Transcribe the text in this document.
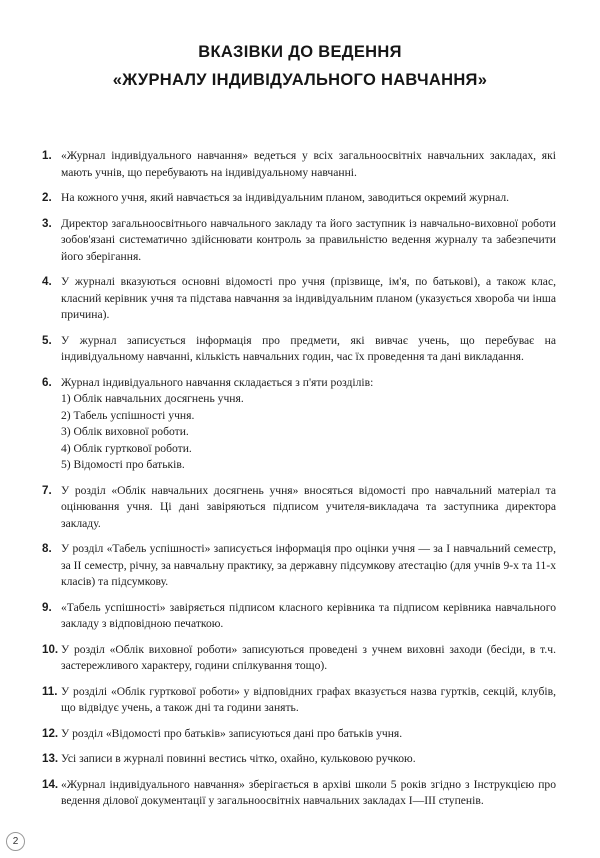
ВКАЗІВКИ ДО ВЕДЕННЯ
«ЖУРНАЛУ ІНДИВІДУАЛЬНОГО НАВЧАННЯ»
1. «Журнал індивідуального навчання» ведеться у всіх загальноосвітніх навчальних закладах, які мають учнів, що перебувають на індивідуальному навчанні.
2. На кожного учня, який навчається за індивідуальним планом, заводиться окремий журнал.
3. Директор загальноосвітнього навчального закладу та його заступник із навчально-виховної роботи зобов'язані систематично здійснювати контроль за правильністю ведення журналу та забезпечити його зберігання.
4. У журналі вказуються основні відомості про учня (прізвище, ім'я, по батькові), а також клас, класний керівник учня та підстава навчання за індивідуальним планом (указується хвороба чи інша причина).
5. У журнал записується інформація про предмети, які вивчає учень, що перебуває на індивідуальному навчанні, кількість навчальних годин, час їх проведення та дані викладання.
6. Журнал індивідуального навчання складається з п'яти розділів:
1) Облік навчальних досягнень учня.
2) Табель успішності учня.
3) Облік виховної роботи.
4) Облік гурткової роботи.
5) Відомості про батьків.
7. У розділ «Облік навчальних досягнень учня» вносяться відомості про навчальний матеріал та оцінювання учня. Ці дані завіряються підписом учителя-викладача та заступника директора закладу.
8. У розділ «Табель успішності» записується інформація про оцінки учня — за І навчальний семестр, за ІІ семестр, річну, за навчальну практику, за державну підсумкову атестацію (для учнів 9-х та 11-х класів) та підсумкову.
9. «Табель успішності» завіряється підписом класного керівника та підписом керівника навчального закладу з відповідною печаткою.
10. У розділ «Облік виховної роботи» записуються проведені з учнем виховні заходи (бесіди, в т.ч. застережливого характеру, години спілкування тощо).
11. У розділі «Облік гурткової роботи» у відповідних графах вказується назва гуртків, секцій, клубів, що відвідує учень, а також дні та години занять.
12. У розділ «Відомості про батьків» записуються дані про батьків учня.
13. Усі записи в журналі повинні вестись чітко, охайно, кульковою ручкою.
14. «Журнал індивідуального навчання» зберігається в архіві школи 5 років згідно з Інструкцією про ведення ділової документації у загальноосвітніх навчальних закладах І—ІІІ ступенів.
2
